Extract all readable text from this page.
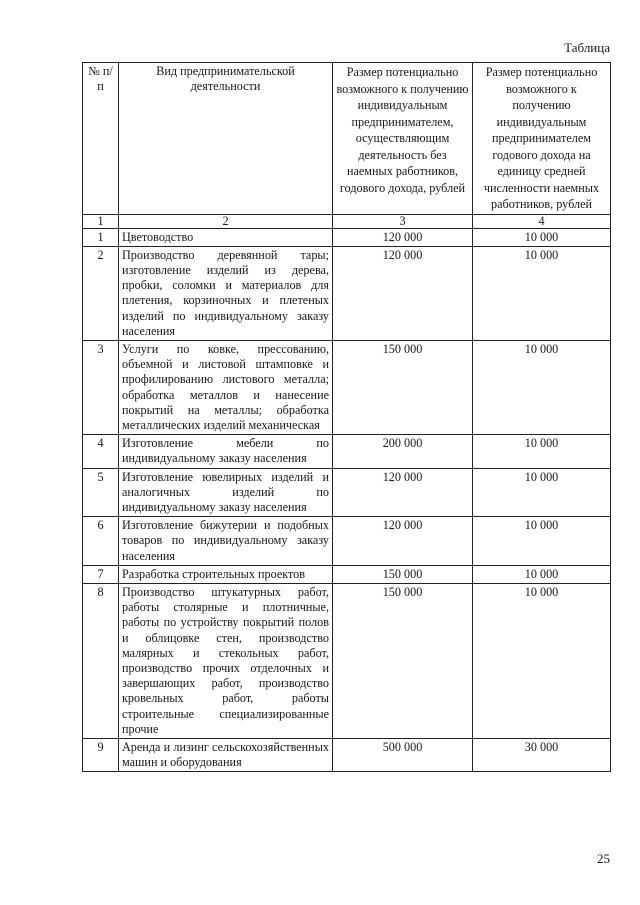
Таблица
№ п/п	Вид предпринимательской деятельности	Размер потенциально возможного к получению индивидуальным предпринимателем, осуществляющим деятельность без наемных работников, годового дохода, рублей	Размер потенциально возможного к получению индивидуальным предпринимателем годового дохода на единицу средней численности наемных работников, рублей
1	2	3	4
1	Цветоводство	120 000	10 000
2	Производство деревянной тары; изготовление изделий из дерева, пробки, соломки и материалов для плетения, корзиночных и плетеных изделий по индивидуальному заказу населения	120 000	10 000
3	Услуги по ковке, прессованию, объемной и листовой штамповке и профилированию листового металла; обработка металлов и нанесение покрытий на металлы; обработка металлических изделий механическая	150 000	10 000
4	Изготовление мебели по индивидуальному заказу населения	200 000	10 000
5	Изготовление ювелирных изделий и аналогичных изделий по индивидуальному заказу населения	120 000	10 000
6	Изготовление бижутерии и подобных товаров по индивидуальному заказу населения	120 000	10 000
7	Разработка строительных проектов	150 000	10 000
8	Производство штукатурных работ, работы столярные и плотничные, работы по устройству покрытий полов и облицовке стен, производство малярных и стекольных работ, производство прочих отделочных и завершающих работ, производство кровельных работ, работы строительные специализированные прочие	150 000	10 000
9	Аренда и лизинг сельскохозяйственных машин и оборудования	500 000	30 000
25
